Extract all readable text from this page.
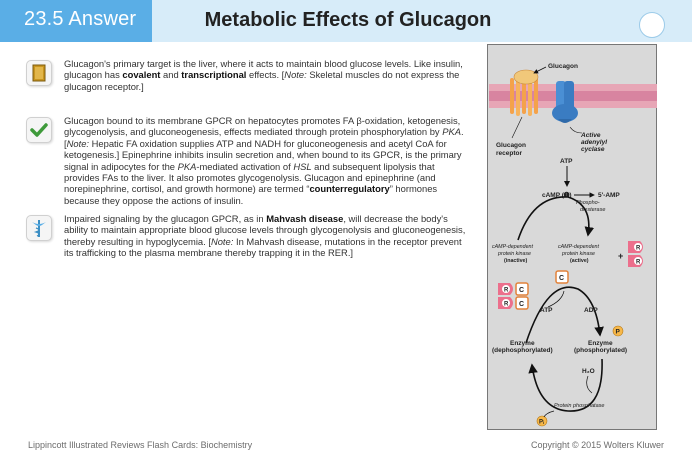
23.5 Answer	Metabolic Effects of Glucagon
Glucagon's primary target is the liver, where it acts to maintain blood glucose levels. Like insulin, glucagon has covalent and transcriptional effects. [Note: Skeletal muscles do not express the glucagon receptor.]
Glucagon bound to its membrane GPCR on hepatocytes promotes FA β-oxidation, ketogenesis, glycogenolysis, and gluconeogenesis, effects mediated through protein phosphorylation by PKA. [Note: Hepatic FA oxidation supplies ATP and NADH for gluconeogenesis and acetyl CoA for ketogenesis.] Epinephrine inhibits insulin secretion and, when bound to its GPCR, is the primary signal in adipocytes for the PKA-mediated activation of HSL and subsequent lipolysis that provides FAs to the liver. It also promotes glycogenolysis. Glucagon and epinephrine (and norepinephrine, cortisol, and growth hormone) are termed “counterregulatory” hormones because they oppose the actions of insulin.
Impaired signaling by the glucagon GPCR, as in Mahvash disease, will decrease the body's ability to maintain appropriate blood glucose levels through glycogenolysis and gluconeogenesis, thereby resulting in hypoglycemia. [Note: In Mahvash disease, mutations in the receptor prevent its trafficking to the plasma membrane thereby trapping it in the RER.]
Glucagon
Glucagon
receptor
Active
adenylyl
cyclase
ATP
cAMP (➊)	5'-AMP
Phospho-
diesterase
cAMP-dependent
protein kinase
(inactive)
cAMP-dependent
protein kinase
(active)	+
R
R
C
R
R
C
C
ATP	ADP
P
Enzyme
(dephosphorylated)
Enzyme
(phosphorylated)
H₂O
Protein phosphatase
Pᵢ
Lippincott Illustrated Reviews Flash Cards: Biochemistry	Copyright © 2015 Wolters Kluwer
